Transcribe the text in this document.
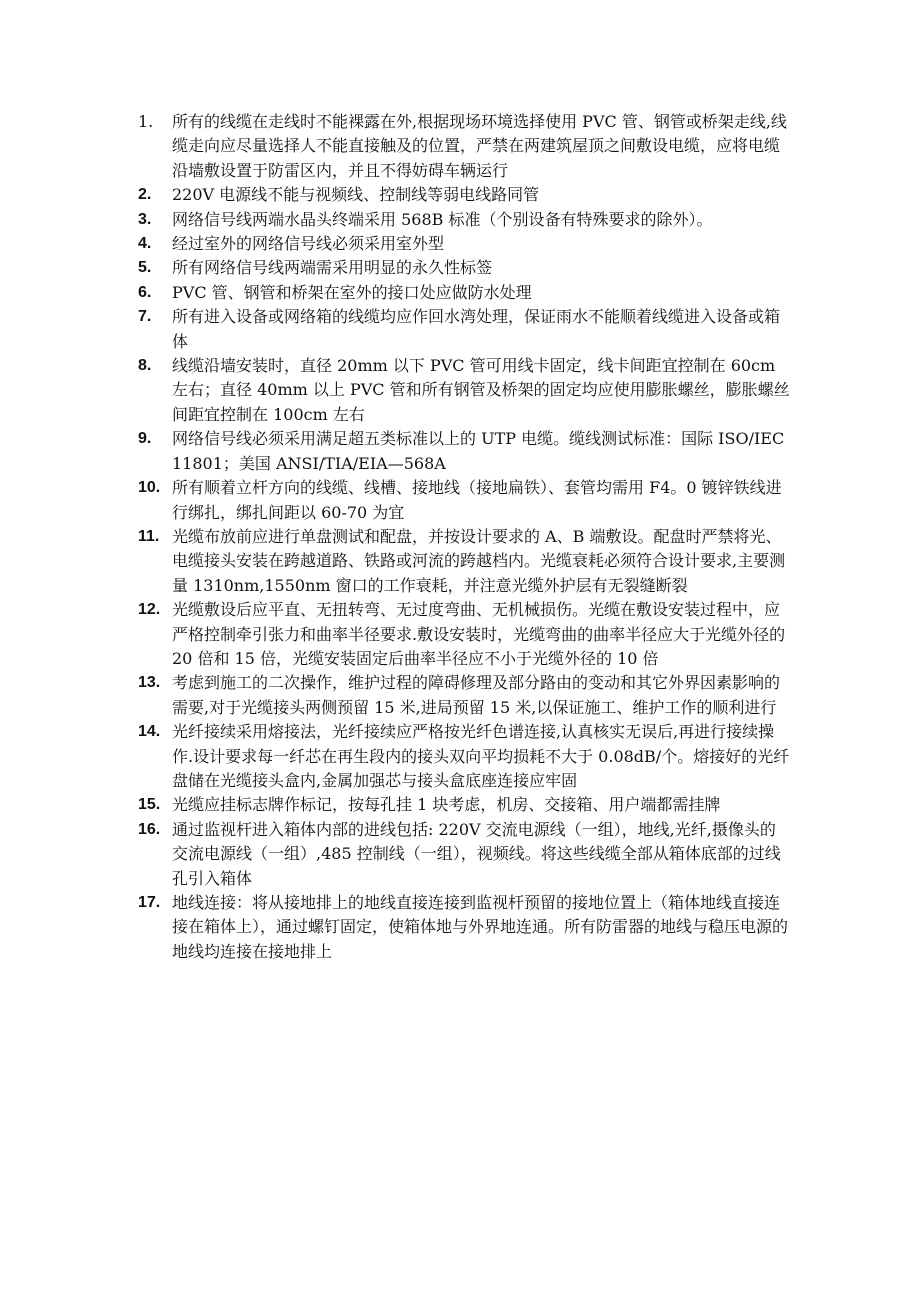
1.	所有的线缆在走线时不能裸露在外,根据现场环境选择使用 PVC 管、钢管或桥架走线,线缆走向应尽量选择人不能直接触及的位置，严禁在两建筑屋顶之间敷设电缆，应将电缆沿墙敷设置于防雷区内，并且不得妨碍车辆运行
2.	220V 电源线不能与视频线、控制线等弱电线路同管
3.	网络信号线两端水晶头终端采用 568B 标准（个别设备有特殊要求的除外）。
4.	经过室外的网络信号线必须采用室外型
5.	所有网络信号线两端需采用明显的永久性标签
6.	PVC 管、钢管和桥架在室外的接口处应做防水处理
7.	所有进入设备或网络箱的线缆均应作回水湾处理，保证雨水不能顺着线缆进入设备或箱体
8.	线缆沿墙安装时，直径 20mm 以下 PVC 管可用线卡固定，线卡间距宜控制在 60cm 左右；直径 40mm 以上 PVC 管和所有钢管及桥架的固定均应使用膨胀螺丝，膨胀螺丝间距宜控制在 100cm 左右
9.	网络信号线必须采用满足超五类标准以上的 UTP 电缆。缆线测试标准：国际 ISO/IEC 11801；美国 ANSI/TIA/EIA—568A
10. 所有顺着立杆方向的线缆、线槽、接地线（接地扁铁）、套管均需用 F4。0 镀锌铁线进行绑扎，绑扎间距以 60-70 为宜
11. 光缆布放前应进行单盘测试和配盘，并按设计要求的 A、B 端敷设。配盘时严禁将光、电缆接头安装在跨越道路、铁路或河流的跨越档内。光缆衰耗必须符合设计要求,主要测量 1310nm,1550nm 窗口的工作衰耗，并注意光缆外护层有无裂缝断裂
12. 光缆敷设后应平直、无扭转弯、无过度弯曲、无机械损伤。光缆在敷设安装过程中，应严格控制牵引张力和曲率半径要求.敷设安装时，光缆弯曲的曲率半径应大于光缆外径的 20 倍和 15 倍，光缆安装固定后曲率半径应不小于光缆外径的 10 倍
13. 考虑到施工的二次操作，维护过程的障碍修理及部分路由的变动和其它外界因素影响的需要,对于光缆接头两侧预留 15 米,进局预留 15 米,以保证施工、维护工作的顺利进行
14. 光纤接续采用熔接法，光纤接续应严格按光纤色谱连接,认真核实无误后,再进行接续操作.设计要求每一纤芯在再生段内的接头双向平均损耗不大于 0.08dB/个。熔接好的光纤盘储在光缆接头盒内,金属加强芯与接头盒底座连接应牢固
15. 光缆应挂标志牌作标记，按每孔挂 1 块考虑，机房、交接箱、用户端都需挂牌
16. 通过监视杆进入箱体内部的进线包括: 220V 交流电源线（一组），地线,光纤,摄像头的交流电源线（一组）,485 控制线（一组），视频线。将这些线缆全部从箱体底部的过线孔引入箱体
17. 地线连接：将从接地排上的地线直接连接到监视杆预留的接地位置上（箱体地线直接连接在箱体上），通过螺钉固定，使箱体地与外界地连通。所有防雷器的地线与稳压电源的地线均连接在接地排上
